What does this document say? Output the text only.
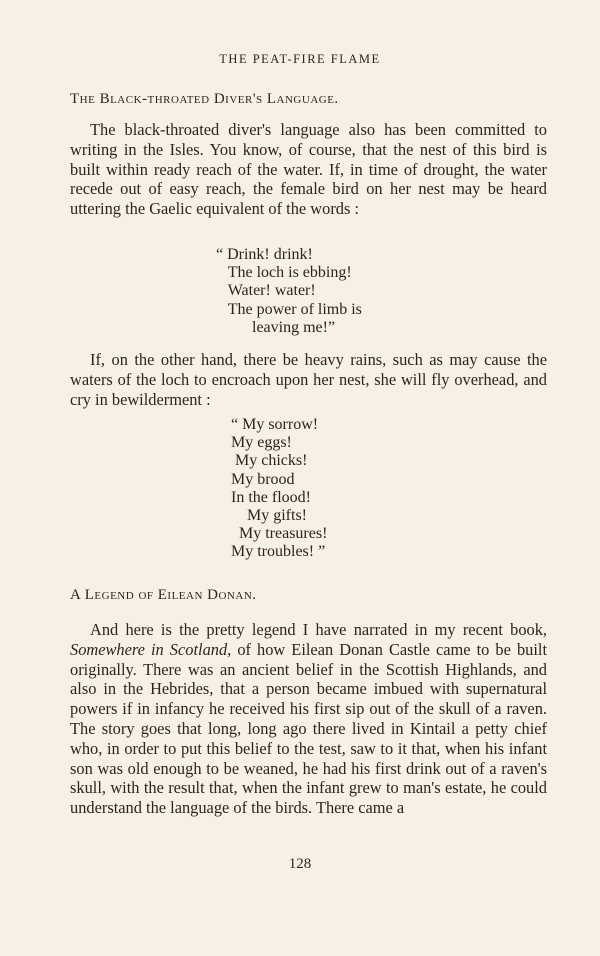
THE PEAT-FIRE FLAME
The Black-throated Diver's Language.

The black-throated diver's language also has been committed to writing in the Isles. You know, of course, that the nest of this bird is built within ready reach of the water. If, in time of drought, the water recede out of easy reach, the female bird on her nest may be heard uttering the Gaelic equivalent of the words :

“ Drink! drink!
The loch is ebbing!
Water! water!
The power of limb is
leaving me!”

If, on the other hand, there be heavy rains, such as may cause the waters of the loch to encroach upon her nest, she will fly overhead, and cry in bewilderment :

“ My sorrow!
My eggs!
My chicks!
My brood
In the flood!
My gifts!
My treasures!
My troubles! ”
A Legend of Eilean Donan.

And here is the pretty legend I have narrated in my recent book, Somewhere in Scotland, of how Eilean Donan Castle came to be built originally. There was an ancient belief in the Scottish Highlands, and also in the Hebrides, that a person became imbued with supernatural powers if in infancy he received his first sip out of the skull of a raven. The story goes that long, long ago there lived in Kintail a petty chief who, in order to put this belief to the test, saw to it that, when his infant son was old enough to be weaned, he had his first drink out of a raven's skull, with the result that, when the infant grew to man's estate, he could understand the language of the birds. There came a

128
